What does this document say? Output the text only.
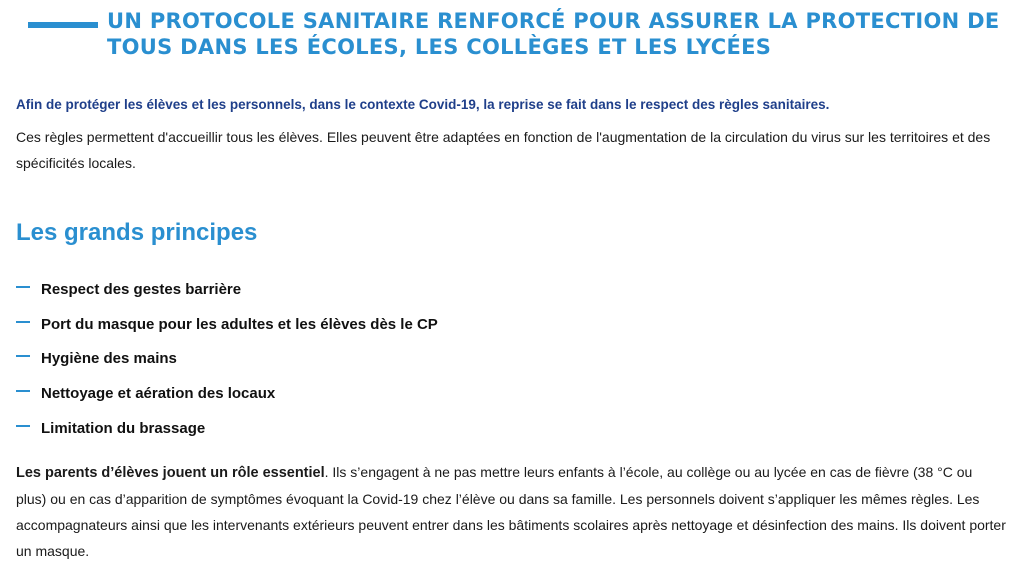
UN PROTOCOLE SANITAIRE RENFORCÉ POUR ASSURER LA PROTECTION DE
TOUS DANS LES ÉCOLES, LES COLLÈGES ET LES LYCÉES
Afin de protéger les élèves et les personnels, dans le contexte Covid-19, la reprise se fait dans le respect des règles sanitaires.
Ces règles permettent d'accueillir tous les élèves. Elles peuvent être adaptées en fonction de l'augmentation de la circulation du virus sur les territoires et des spécificités locales.
Les grands principes
Respect des gestes barrière
Port du masque pour les adultes et les élèves dès le CP
Hygiène des mains
Nettoyage et aération des locaux
Limitation du brassage
Les parents d’élèves jouent un rôle essentiel. Ils s’engagent à ne pas mettre leurs enfants à l’école, au collège ou au lycée en cas de fièvre (38 °C ou plus) ou en cas d’apparition de symptômes évoquant la Covid-19 chez l’élève ou dans sa famille. Les personnels doivent s’appliquer les mêmes règles. Les accompagnateurs ainsi que les intervenants extérieurs peuvent entrer dans les bâtiments scolaires après nettoyage et désinfection des mains. Ils doivent porter un masque.
